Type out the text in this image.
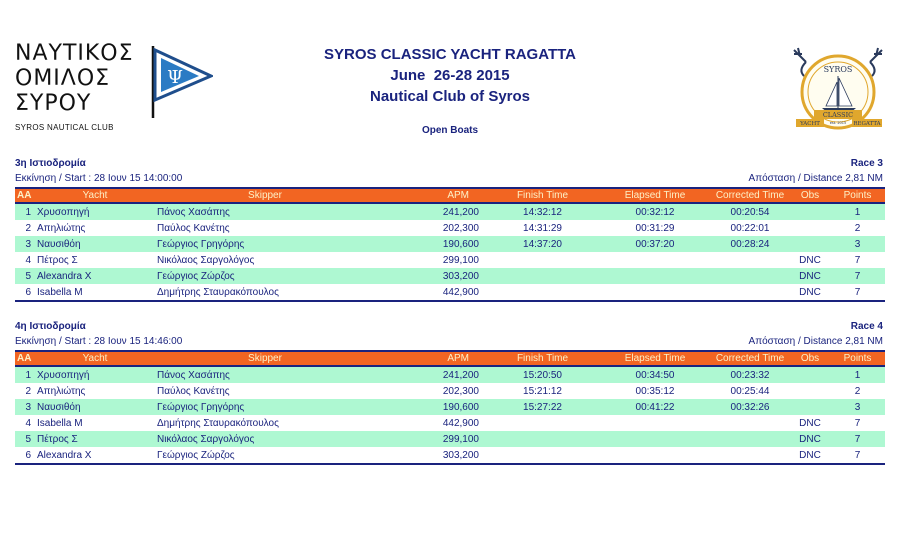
ΝΑΥΤΙΚΟΣ
ΟΜΙΛΟΣ
ΣΥΡΟΥ
Ψ
SYROS NAUTICAL CLUB
SYROS CLASSIC YACHT RAGATTA
June  26-28 2015
Nautical Club of Syros
Open Boats
SYROS
CLASSIC
YACHT	REGATTA
est. 2015
3η Ιστιοδρομία	Race 3
Εκκίνηση / Start : 28 Ιουν 15 14:00:00	Απόσταση / Distance 2,81 NM
AA	Yacht	Skipper	APM	Finish Time	Elapsed Time	Corrected Time	Obs	Points
1	Χρυσοπηγή	Πάνος Χασάπης	241,200	14:32:12	00:32:12	00:20:54		1
2	Απηλιώτης	Παύλος Κανέτης	202,300	14:31:29	00:31:29	00:22:01		2
3	Ναυσιθόη	Γεώργιος Γρηγόρης	190,600	14:37:20	00:37:20	00:28:24		3
4	Πέτρος Σ	Νικόλαος Σαργολόγος	299,100				DNC	7
5	Alexandra X	Γεώργιος Ζώρζος	303,200				DNC	7
6	Isabella M	Δημήτρης Σταυρακόπουλος	442,900				DNC	7
4η Ιστιοδρομία	Race 4
Εκκίνηση / Start : 28 Ιουν 15 14:46:00	Απόσταση / Distance 2,81 NM
AA	Yacht	Skipper	APM	Finish Time	Elapsed Time	Corrected Time	Obs	Points
1	Χρυσοπηγή	Πάνος Χασάπης	241,200	15:20:50	00:34:50	00:23:32		1
2	Απηλιώτης	Παύλος Κανέτης	202,300	15:21:12	00:35:12	00:25:44		2
3	Ναυσιθόη	Γεώργιος Γρηγόρης	190,600	15:27:22	00:41:22	00:32:26		3
4	Isabella M	Δημήτρης Σταυρακόπουλος	442,900				DNC	7
5	Πέτρος Σ	Νικόλαος Σαργολόγος	299,100				DNC	7
6	Alexandra X	Γεώργιος Ζώρζος	303,200				DNC	7
